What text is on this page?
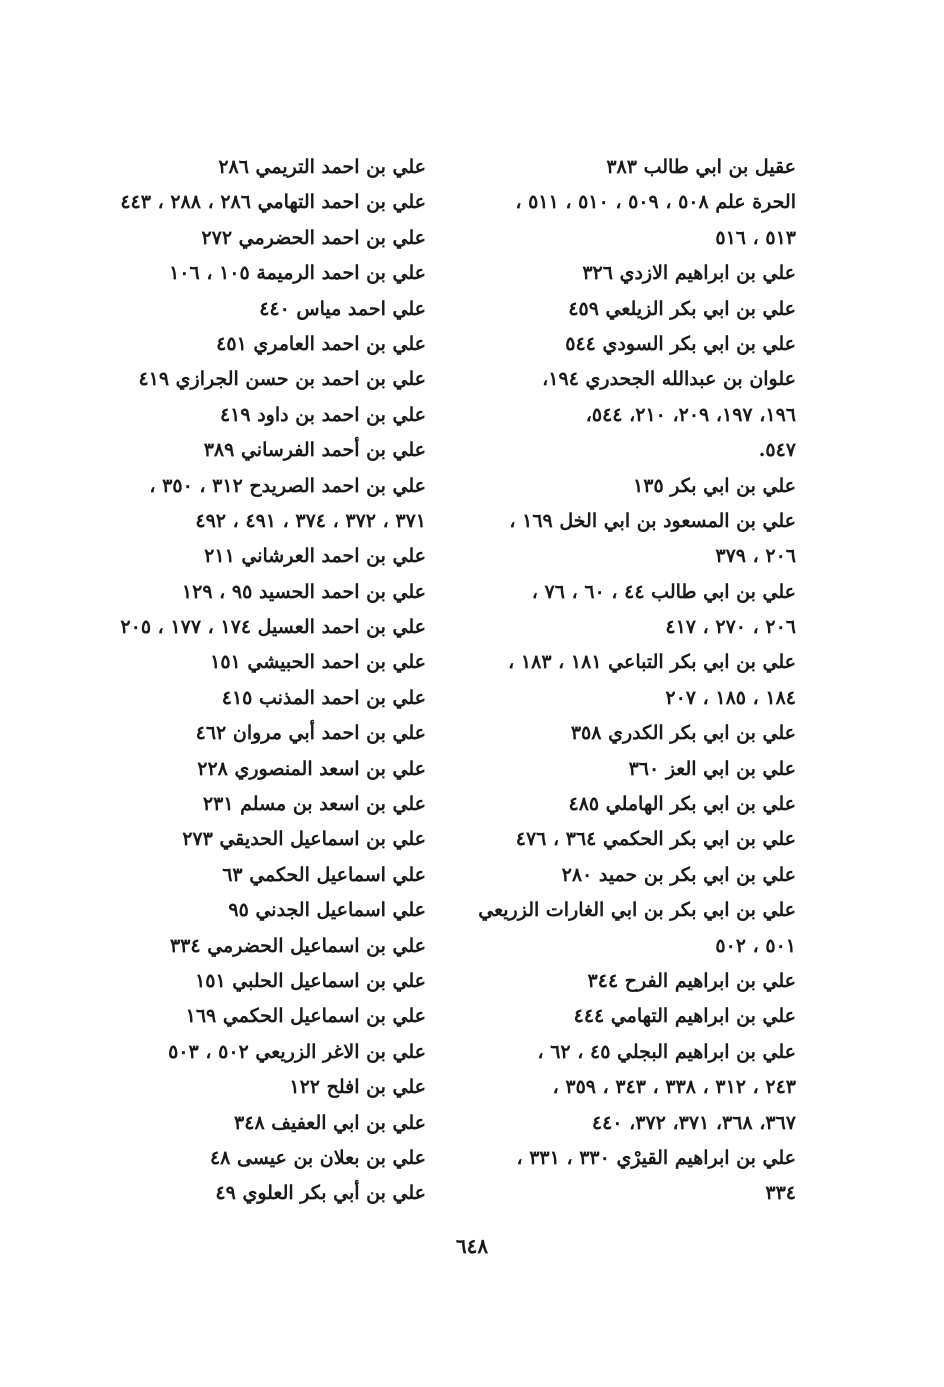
عقيل بن ابي طالب ٣٨٣
الحرة علم ٥٠٨ ، ٥٠٩ ، ٥١٠ ، ٥١١ ،
٥١٣ ، ٥١٦
علي بن ابراهيم الازدي ٣٢٦
علي بن ابي بكر الزيلعي ٤٥٩
علي بن ابي بكر السودي ٥٤٤
علوان بن عبدالله الجحدري ١٩٤،
١٩٦، ١٩٧، ٢٠٩، ٢١٠، ٥٤٤،
٥٤٧.
علي بن ابي بكر ١٣٥
علي بن المسعود بن ابي الخل ١٦٩ ،
٢٠٦ ، ٣٧٩
علي بن ابي طالب ٤٤ ، ٦٠ ، ٧٦ ،
٢٠٦ ، ٢٧٠ ، ٤١٧
علي بن ابي بكر التباعي ١٨١ ، ١٨٣ ،
١٨٤ ، ١٨٥ ، ٢٠٧
علي بن ابي بكر الكدري ٣٥٨
علي بن ابي العز ٣٦٠
علي بن ابي بكر الهاملي ٤٨٥
علي بن ابي بكر الحكمي ٣٦٤ ، ٤٧٦
علي بن ابي بكر بن حميد ٢٨٠
علي بن ابي بكر بن ابي الغارات الزريعي
٥٠١ ، ٥٠٢
علي بن ابراهيم الفرح ٣٤٤
علي بن ابراهيم التهامي ٤٤٤
علي بن ابراهيم البجلي ٤٥ ، ٦٢ ،
٢٤٣ ، ٣١٢ ، ٣٣٨ ، ٣٤٣ ، ٣٥٩ ،
٣٦٧، ٣٦٨، ٣٧١، ٣٧٢، ٤٤٠
علي بن ابراهيم القيرْي ٣٣٠ ، ٣٣١ ،
٣٣٤
علي بن احمد التريمي ٢٨٦
علي بن احمد التهامي ٢٨٦ ، ٢٨٨ ، ٤٤٣
علي بن احمد الحضرمي ٢٧٢
علي بن احمد الرميمة ١٠٥ ، ١٠٦
علي احمد مياس ٤٤٠
علي بن احمد العامري ٤٥١
علي بن احمد بن حسن الجرازي ٤١٩
علي بن احمد بن داود ٤١٩
علي بن أحمد الفرساني ٣٨٩
علي بن احمد الصريدح ٣١٢ ، ٣٥٠ ،
٣٧١ ، ٣٧٢ ، ٣٧٤ ، ٤٩١ ، ٤٩٢
علي بن احمد العرشاني ٢١١
علي بن احمد الحسيد ٩٥ ، ١٢٩
علي بن احمد العسيل ١٧٤ ، ١٧٧ ، ٢٠٥
علي بن احمد الحبيشي ١٥١
علي بن احمد المذنب ٤١٥
علي بن احمد أبي مروان ٤٦٢
علي بن اسعد المنصوري ٢٢٨
علي بن اسعد بن مسلم ٢٣١
علي بن اسماعيل الحديقي ٢٧٣
علي اسماعيل الحكمي ٦٣
علي اسماعيل الجدني ٩٥
علي بن اسماعيل الحضرمي ٣٣٤
علي بن اسماعيل الحلبي ١٥١
علي بن اسماعيل الحكمي ١٦٩
علي بن الاغر الزريعي ٥٠٢ ، ٥٠٣
علي بن افلح ١٢٢
علي بن ابي العفيف ٣٤٨
علي بن بعلان بن عيسى ٤٨
علي بن أبي بكر العلوي ٤٩
٦٤٨
